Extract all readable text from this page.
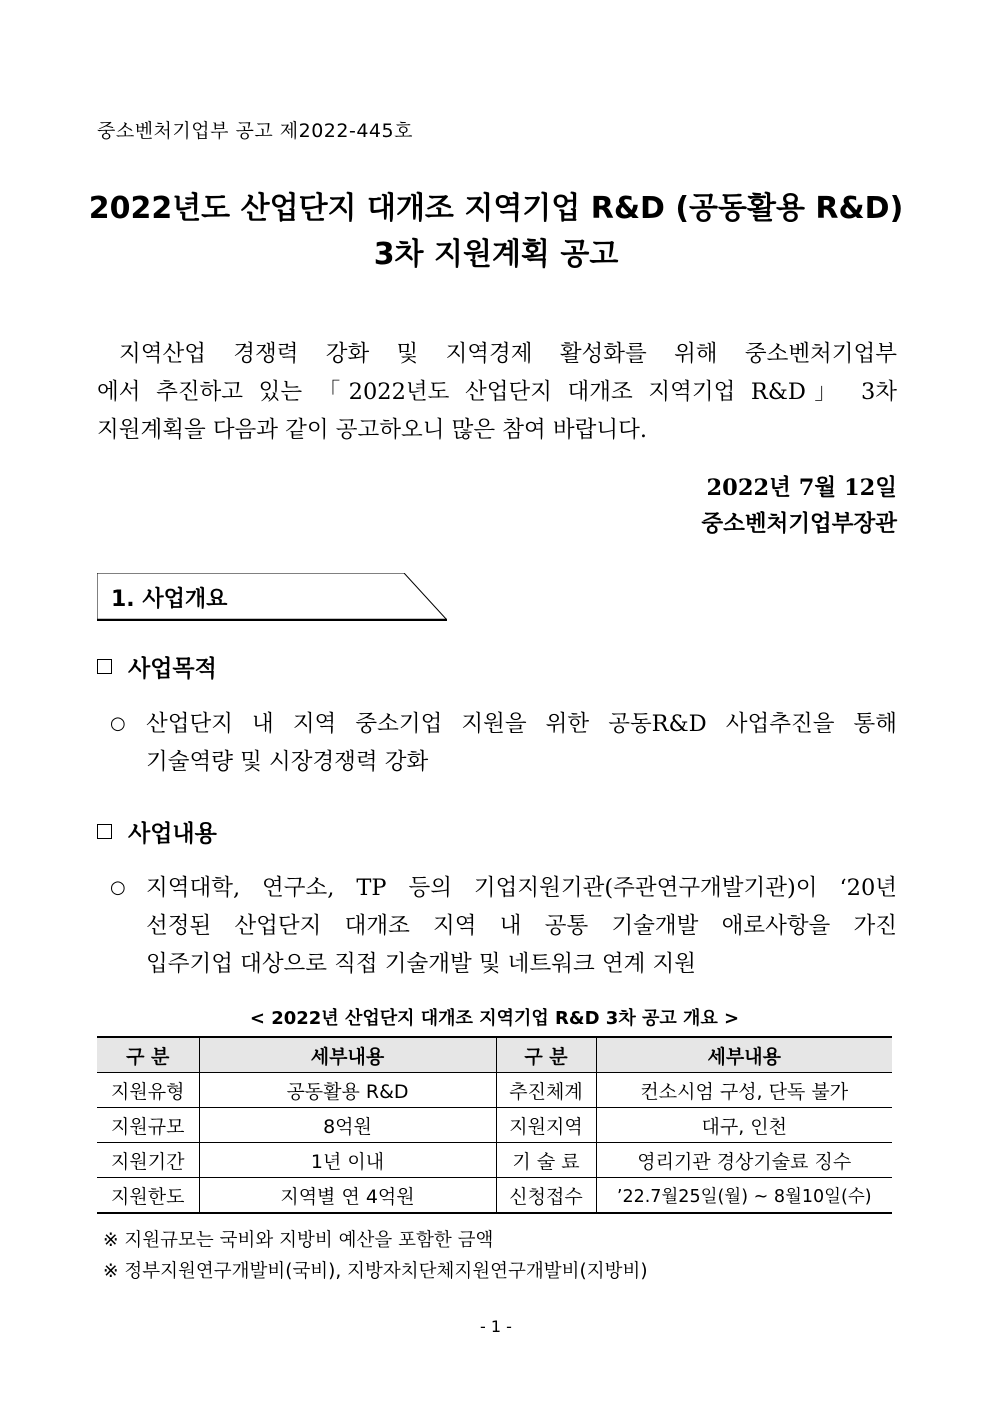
중소벤처기업부 공고 제2022-445호
2022년도 산업단지 대개조 지역기업 R&D (공동활용 R&D)
3차 지원계획 공고
지역산업 경쟁력 강화 및 지역경제 활성화를 위해 중소벤처기업부
에서 추진하고 있는 「2022년도 산업단지 대개조 지역기업 R&D」 3차
지원계획을 다음과 같이 공고하오니 많은 참여 바랍니다.
2022년 7월 12일
중소벤처기업부장관
1. 사업개요
사업목적
○ 산업단지 내 지역 중소기업 지원을 위한 공동R&D 사업추진을 통해
기술역량 및 시장경쟁력 강화
사업내용
○ 지역대학, 연구소, TP 등의 기업지원기관(주관연구개발기관)이 ‘20년
선정된 산업단지 대개조 지역 내 공통 기술개발 애로사항을 가진
입주기업 대상으로 직접 기술개발 및 네트워크 연계 지원
< 2022년 산업단지 대개조 지역기업 R&D 3차 공고 개요 >
구 분	세부내용	구 분	세부내용
지원유형	공동활용 R&D	추진체계	컨소시엄 구성, 단독 불가
지원규모	8억원	지원지역	대구, 인천
지원기간	1년 이내	기 술 료	영리기관 경상기술료 징수
지원한도	지역별 연 4억원	신청접수	’22.7월25일(월) ~ 8월10일(수)
※ 지원규모는 국비와 지방비 예산을 포함한 금액
※ 정부지원연구개발비(국비), 지방자치단체지원연구개발비(지방비)
- 1 -
